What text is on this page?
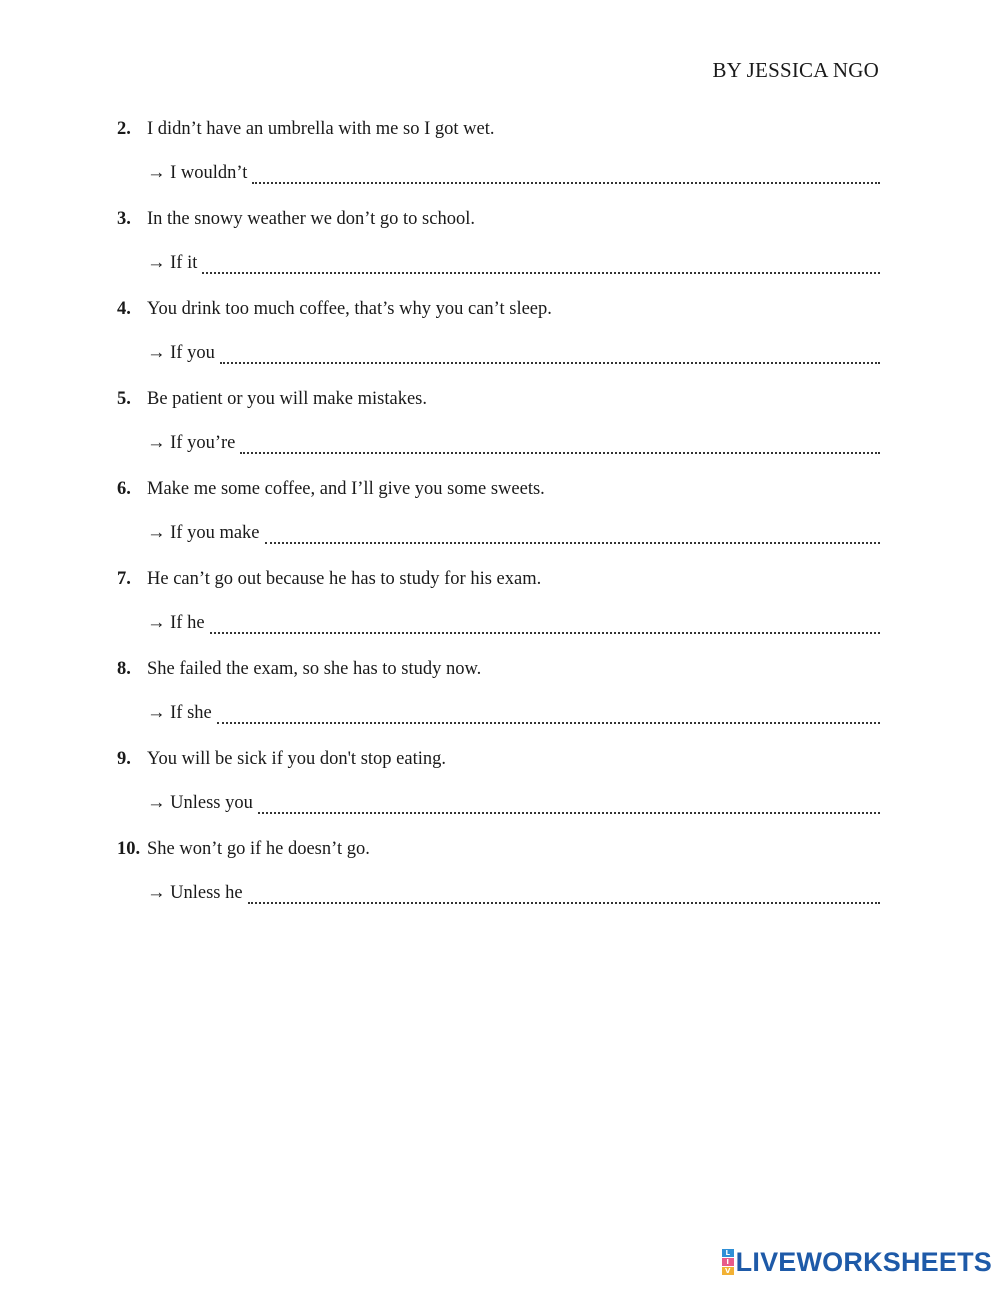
BY JESSICA NGO
2. I didn’t have an umbrella with me so I got wet.
→ I wouldn’t
3. In the snowy weather we don’t go to school.
→ If it
4. You drink too much coffee, that’s why you can’t sleep.
→ If you
5. Be patient or you will make mistakes.
→ If you’re
6. Make me some coffee, and I’ll give you some sweets.
→ If you make
7. He can’t go out because he has to study for his exam.
→ If he
8. She failed the exam, so she has to study now.
→ If she
9. You will be sick if you don't stop eating.
→ Unless you
10. She won’t go if he doesn’t go.
→ Unless he
L
I
V LIVEWORKSHEETS
